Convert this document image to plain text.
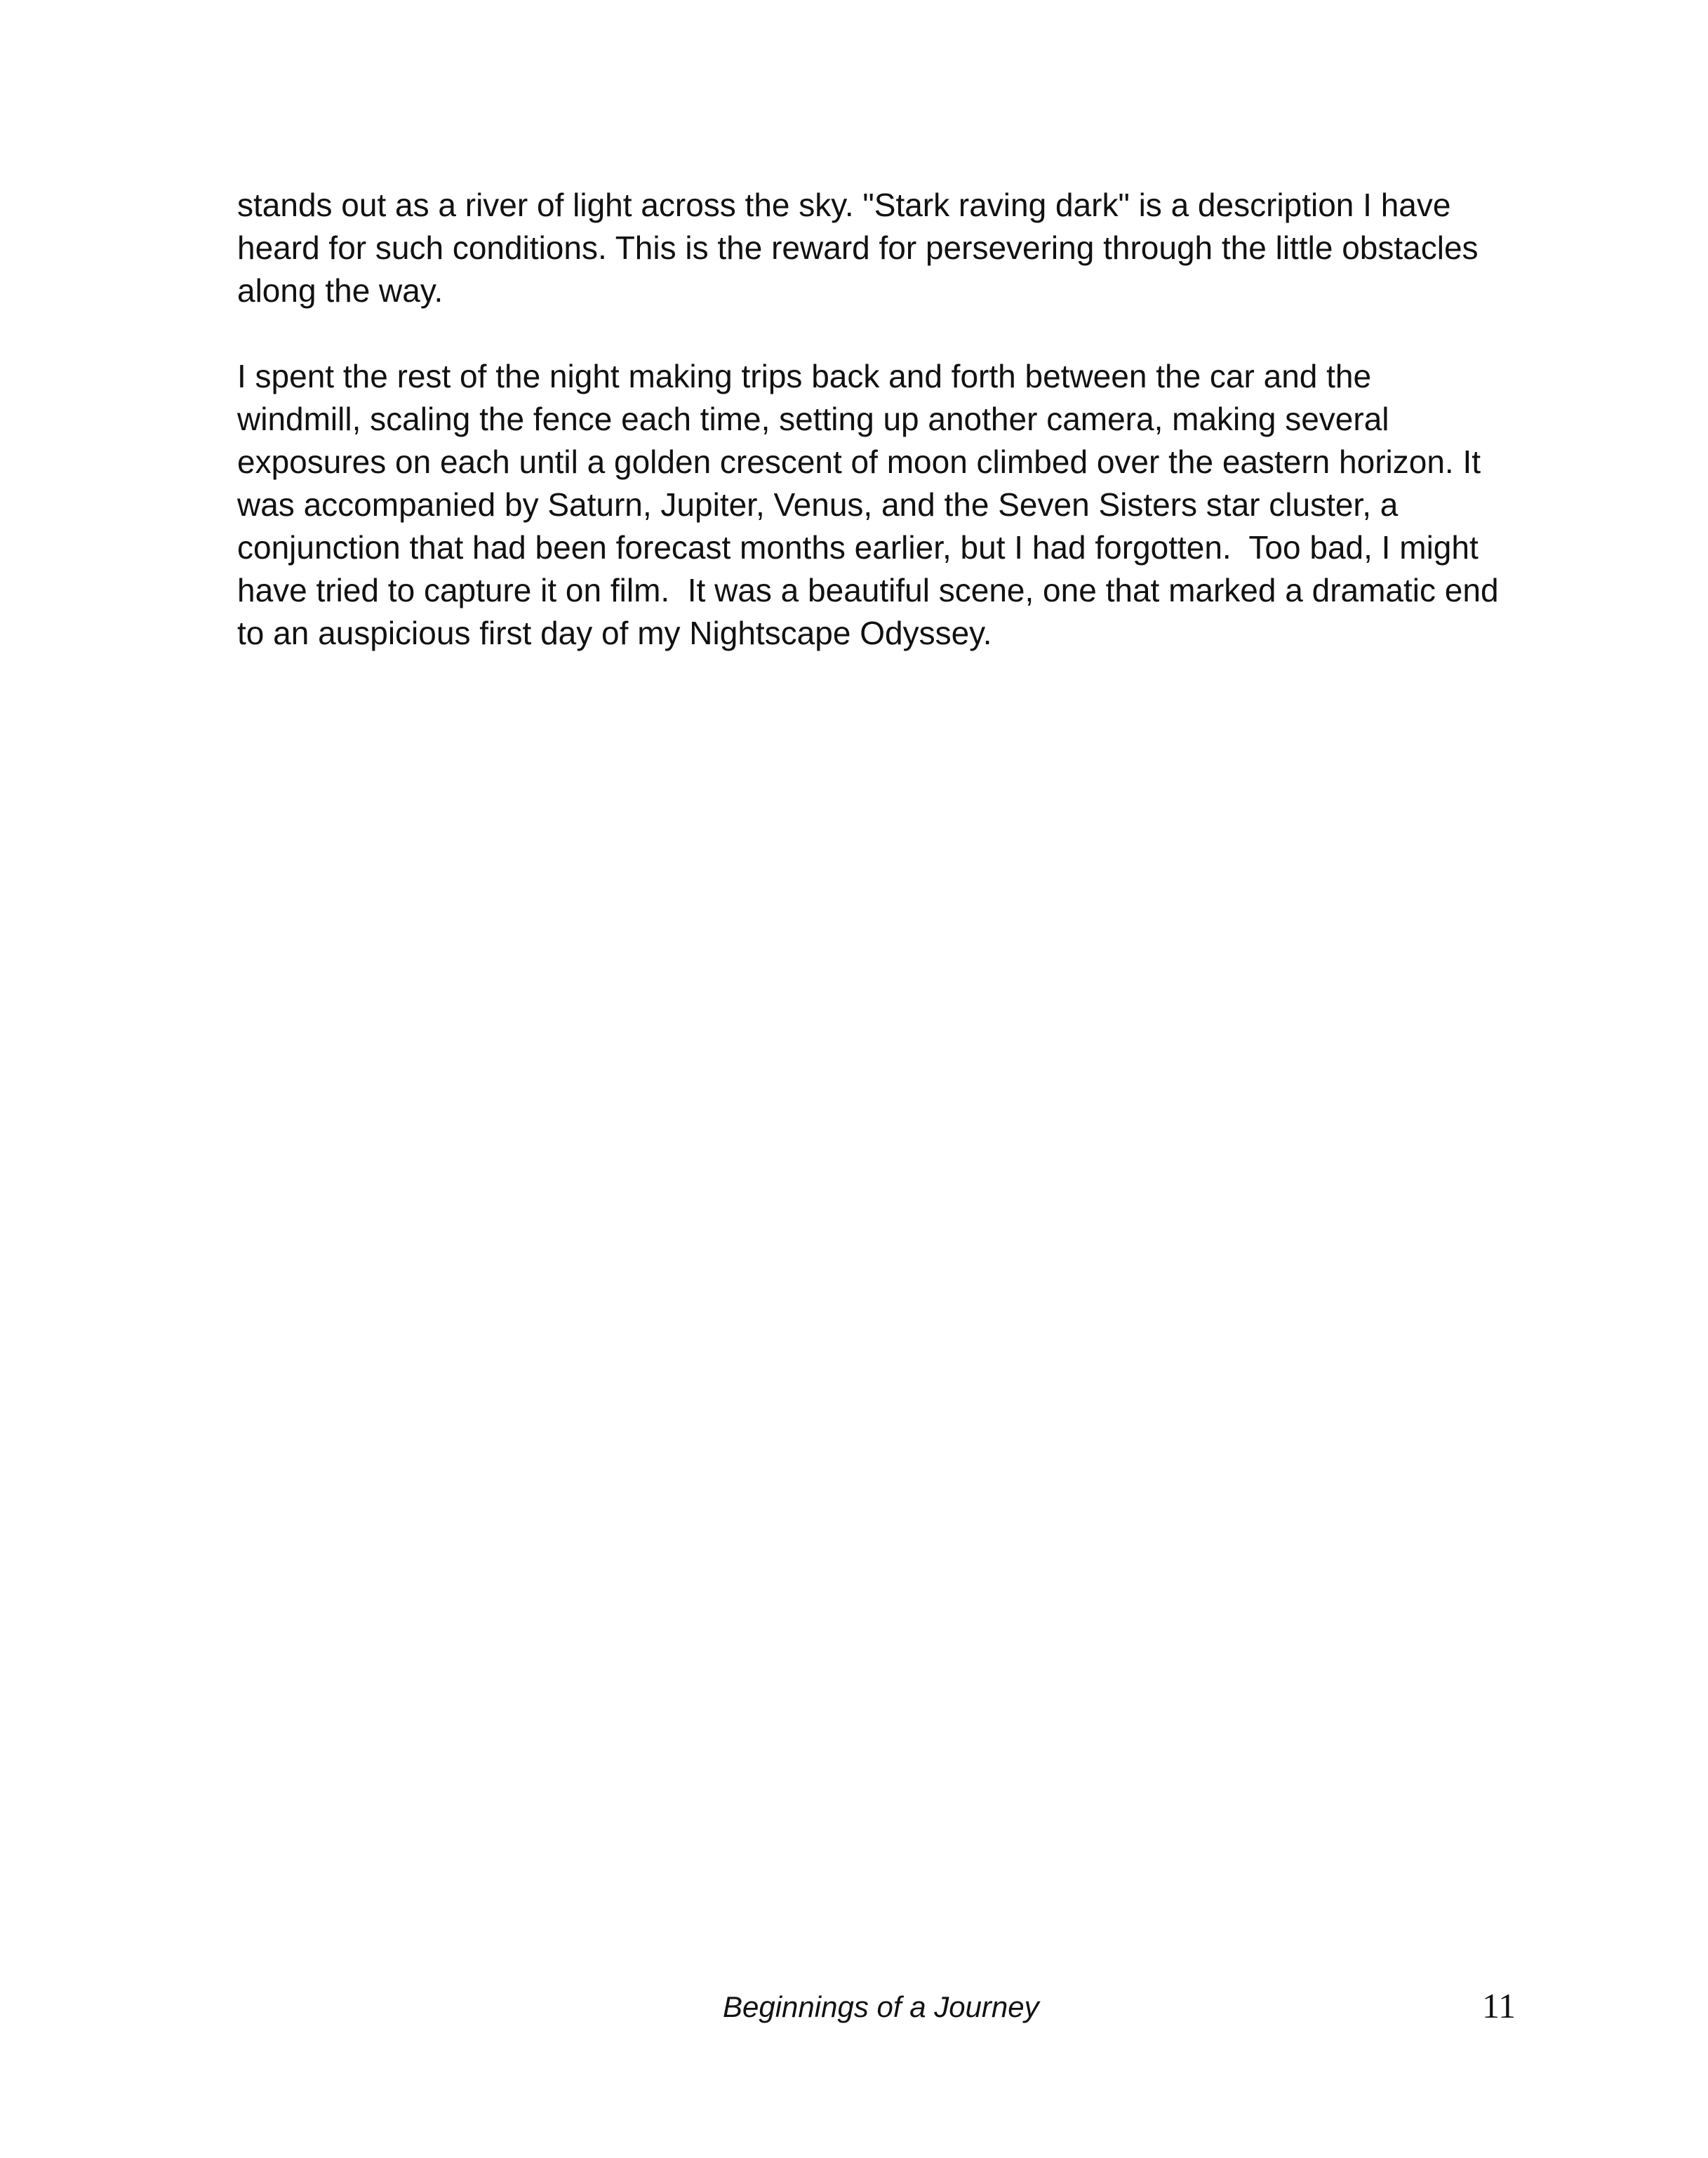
stands out as a river of light across the sky. "Stark raving dark" is a description I have
heard for such conditions. This is the reward for persevering through the little obstacles
along the way.
I spent the rest of the night making trips back and forth between the car and the
windmill, scaling the fence each time, setting up another camera, making several
exposures on each until a golden crescent of moon climbed over the eastern horizon. It
was accompanied by Saturn, Jupiter, Venus, and the Seven Sisters star cluster, a
conjunction that had been forecast months earlier, but I had forgotten.  Too bad, I might
have tried to capture it on film.  It was a beautiful scene, one that marked a dramatic end
to an auspicious first day of my Nightscape Odyssey.
Beginnings of a Journey	11
